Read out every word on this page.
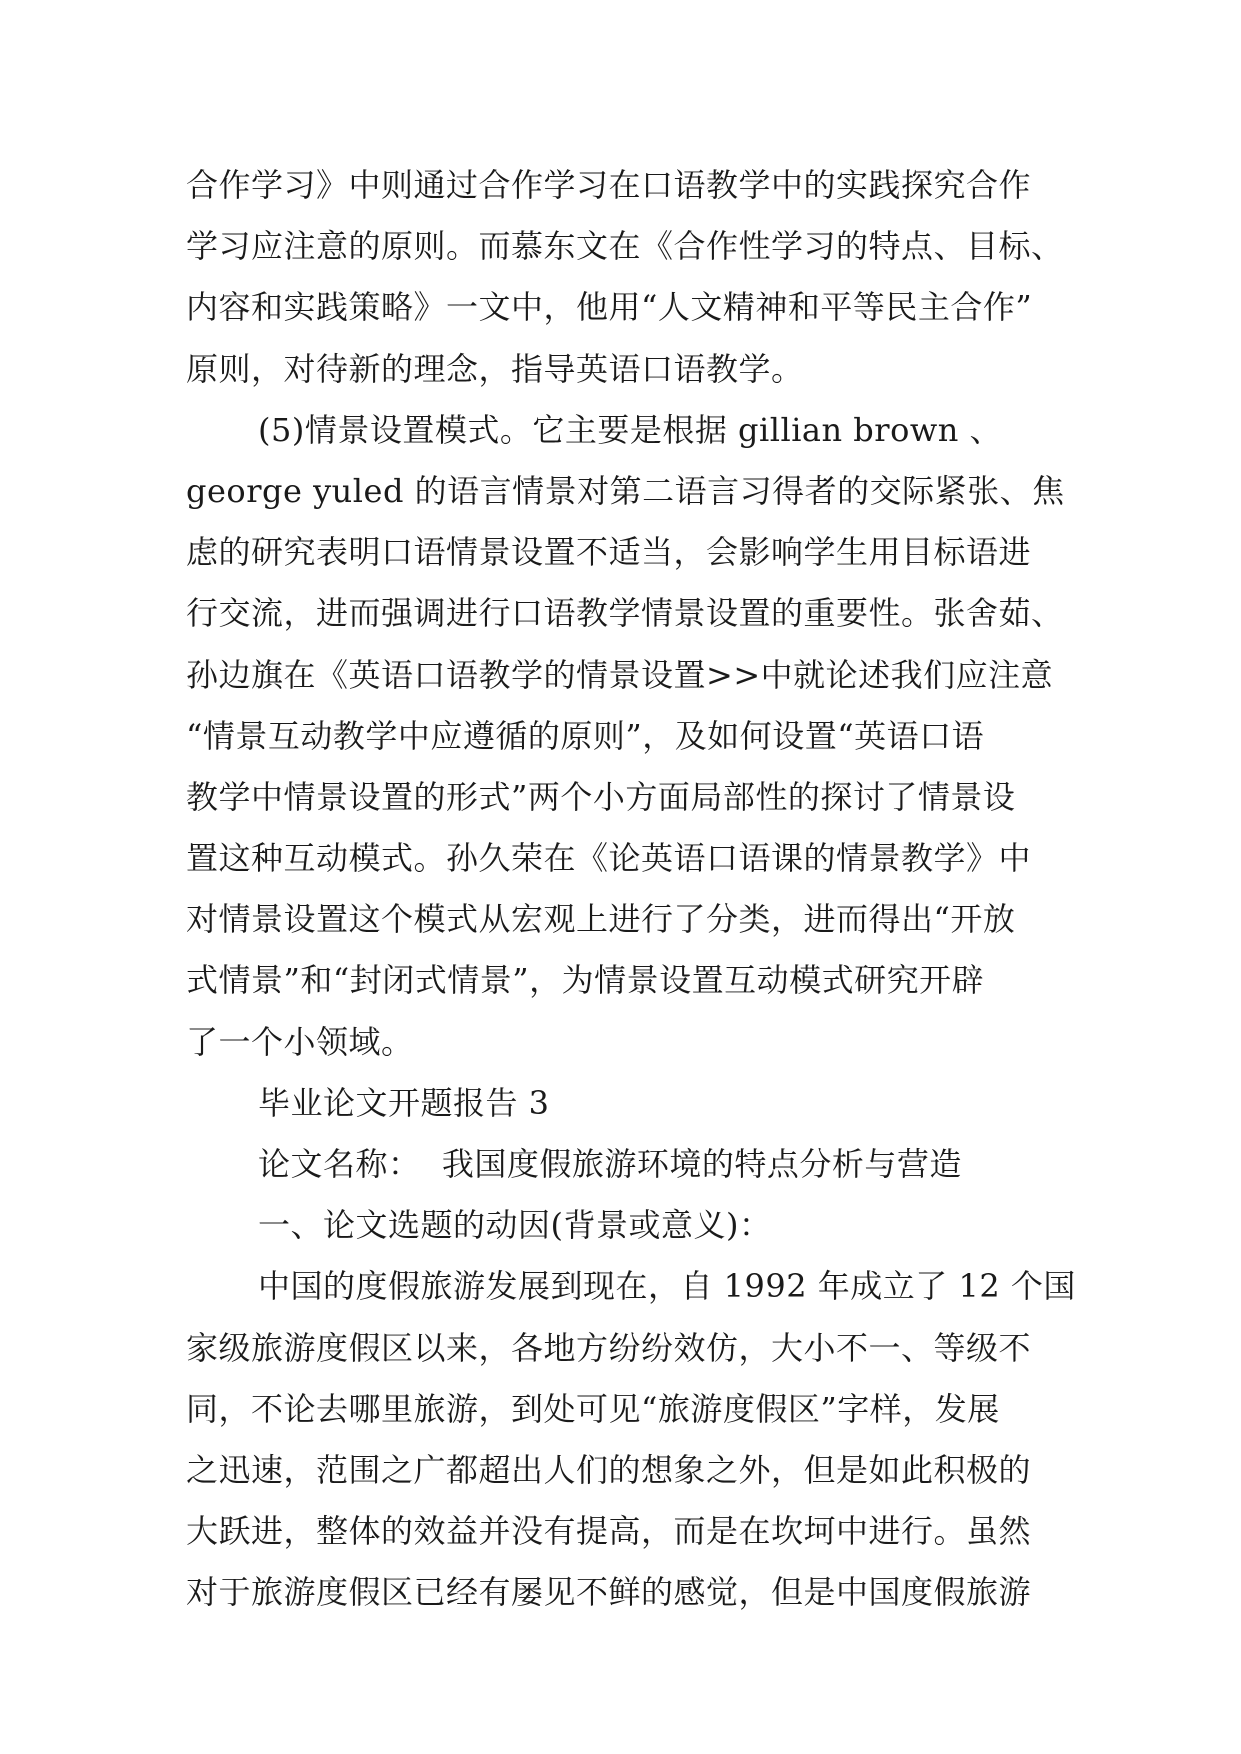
合作学习》中则通过合作学习在口语教学中的实践探究合作
学习应注意的原则。而慕东文在《合作性学习的特点、目标、
内容和实践策略》一文中，他用“人文精神和平等民主合作”
原则，对待新的理念，指导英语口语教学。
(5)情景设置模式。它主要是根据 gillian brown 、
george yuled 的语言情景对第二语言习得者的交际紧张、焦
虑的研究表明口语情景设置不适当，会影响学生用目标语进
行交流，进而强调进行口语教学情景设置的重要性。张舍茹、
孙边旗在《英语口语教学的情景设置>>中就论述我们应注意
“情景互动教学中应遵循的原则”，及如何设置“英语口语
教学中情景设置的形式”两个小方面局部性的探讨了情景设
置这种互动模式。孙久荣在《论英语口语课的情景教学》中
对情景设置这个模式从宏观上进行了分类，进而得出“开放
式情景”和“封闭式情景”，为情景设置互动模式研究开辟
了一个小领域。
毕业论文开题报告 3
论文名称：  我国度假旅游环境的特点分析与营造
一、论文选题的动因(背景或意义)：
中国的度假旅游发展到现在，自 1992 年成立了 12 个国
家级旅游度假区以来，各地方纷纷效仿，大小不一、等级不
同，不论去哪里旅游，到处可见“旅游度假区”字样，发展
之迅速，范围之广都超出人们的想象之外，但是如此积极的
大跃进，整体的效益并没有提高，而是在坎坷中进行。虽然
对于旅游度假区已经有屡见不鲜的感觉，但是中国度假旅游
